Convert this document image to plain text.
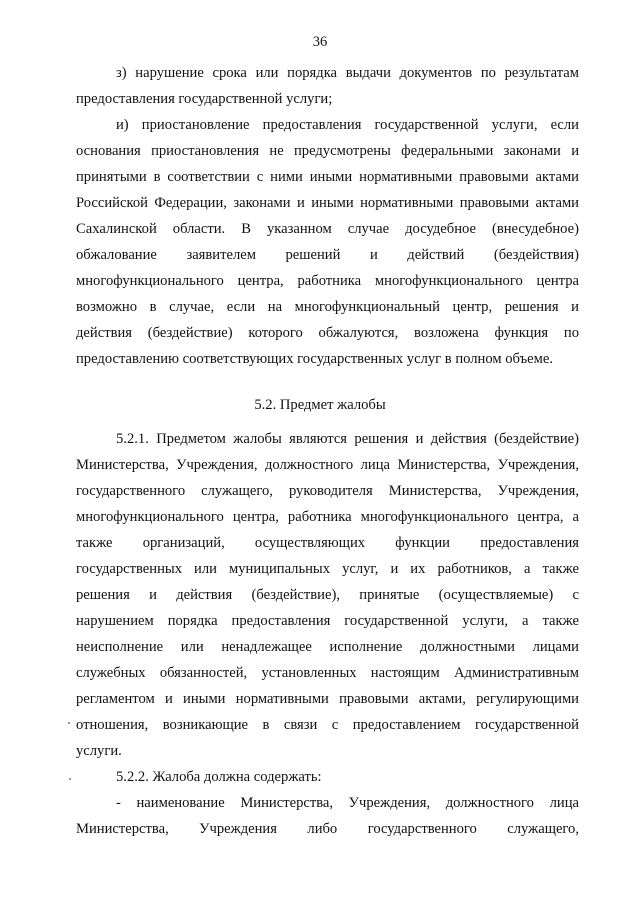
36
з) нарушение срока или порядка выдачи документов по результатам
предоставления государственной услуги;
и) приостановление предоставления государственной услуги, если
основания приостановления не предусмотрены федеральными законами и
принятыми в соответствии с ними иными нормативными правовыми актами
Российской Федерации, законами и иными нормативными правовыми актами
Сахалинской области. В указанном случае досудебное (внесудебное)
обжалование заявителем решений и действий (бездействия)
многофункционального центра, работника многофункционального центра
возможно в случае, если на многофункциональный центр, решения и
действия (бездействие) которого обжалуются, возложена функция по
предоставлению соответствующих государственных услуг в полном объеме.
5.2. Предмет жалобы
5.2.1. Предметом жалобы являются решения и действия (бездействие)
Министерства, Учреждения, должностного лица Министерства, Учреждения,
государственного служащего, руководителя Министерства, Учреждения,
многофункционального центра, работника многофункционального центра, а
также организаций, осуществляющих функции предоставления
государственных или муниципальных услуг, и их работников, а также
решения и действия (бездействие), принятые (осуществляемые) с
нарушением порядка предоставления государственной услуги, а также
неисполнение или ненадлежащее исполнение должностными лицами
служебных обязанностей, установленных настоящим Административным
регламентом и иными нормативными правовыми актами, регулирующими
отношения, возникающие в связи с предоставлением государственной
услуги.
5.2.2. Жалоба должна содержать:
- наименование Министерства, Учреждения, должностного лица
Министерства, Учреждения либо государственного служащего,
